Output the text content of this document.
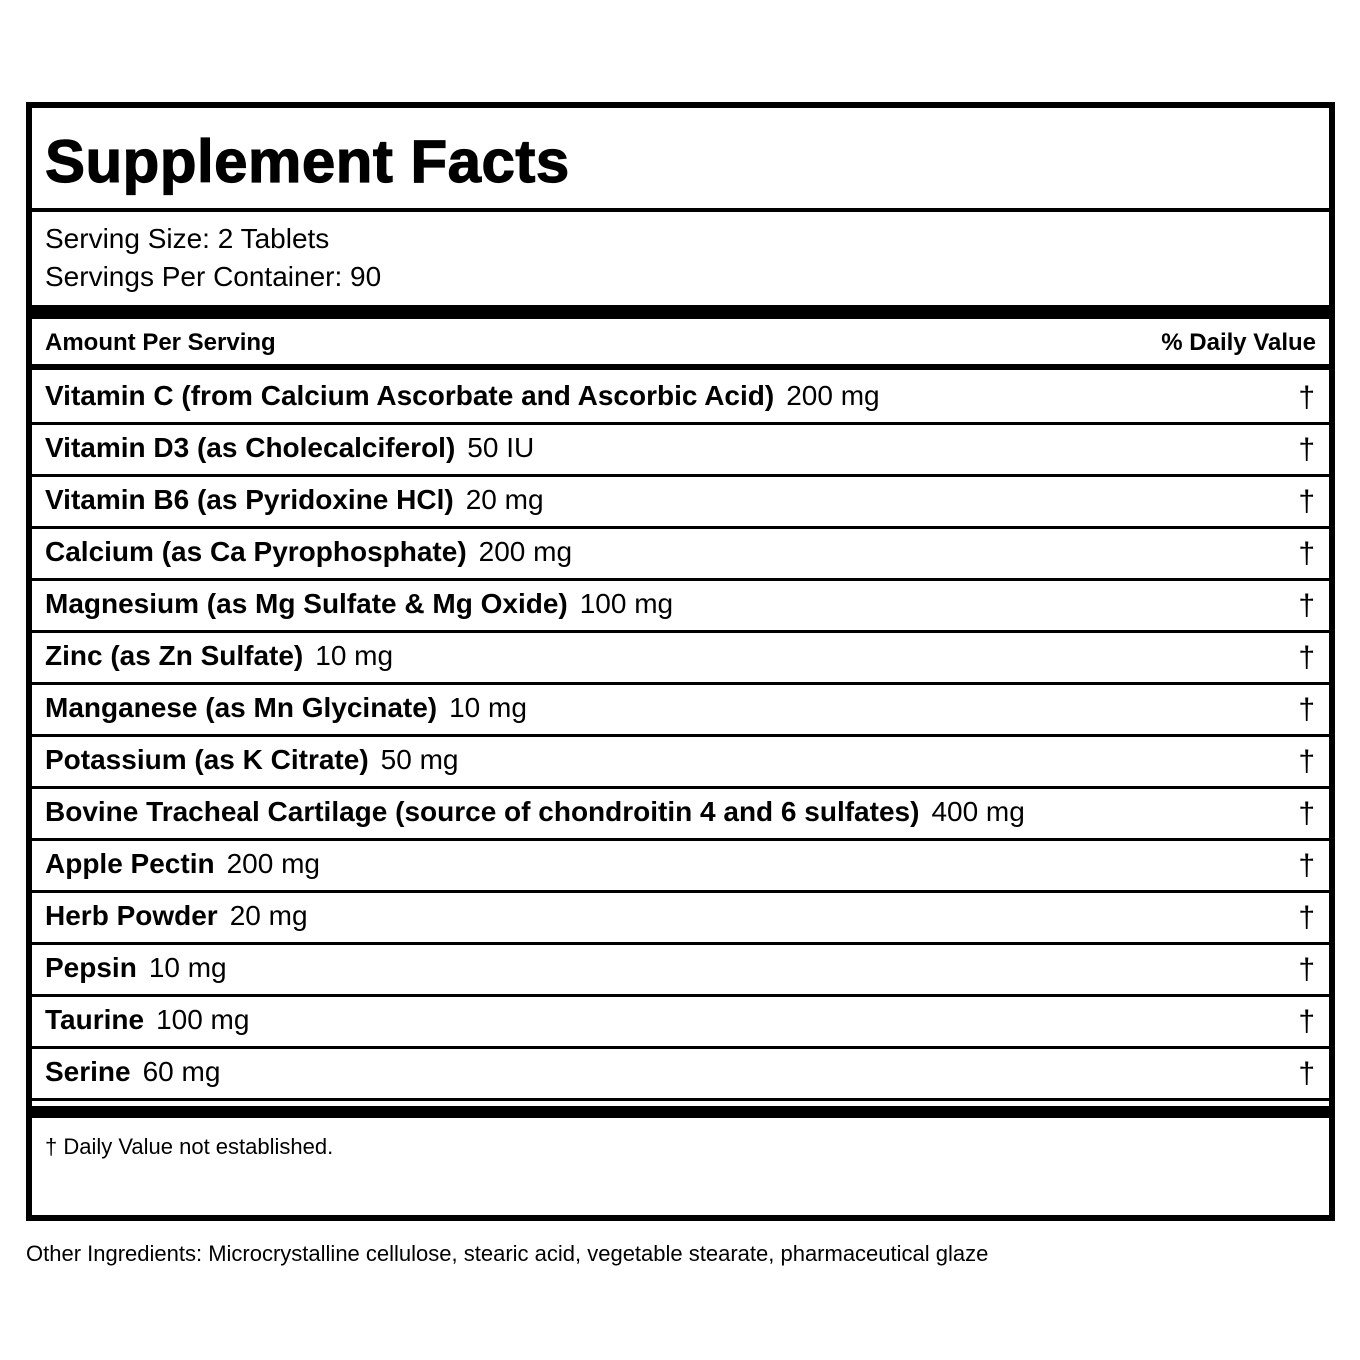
Supplement Facts
Serving Size: 2 Tablets
Servings Per Container: 90
Amount Per Serving	% Daily Value
Vitamin C (from Calcium Ascorbate and Ascorbic Acid) 200 mg	†
Vitamin D3 (as Cholecalciferol) 50 IU	†
Vitamin B6 (as Pyridoxine HCl) 20 mg	†
Calcium (as Ca Pyrophosphate) 200 mg	†
Magnesium (as Mg Sulfate & Mg Oxide) 100 mg	†
Zinc (as Zn Sulfate) 10 mg	†
Manganese (as Mn Glycinate) 10 mg	†
Potassium (as K Citrate) 50 mg	†
Bovine Tracheal Cartilage (source of chondroitin 4 and 6 sulfates) 400 mg	†
Apple Pectin 200 mg	†
Herb Powder 20 mg	†
Pepsin 10 mg	†
Taurine 100 mg	†
Serine 60 mg	†
† Daily Value not established.
Other Ingredients: Microcrystalline cellulose, stearic acid, vegetable stearate, pharmaceutical glaze
